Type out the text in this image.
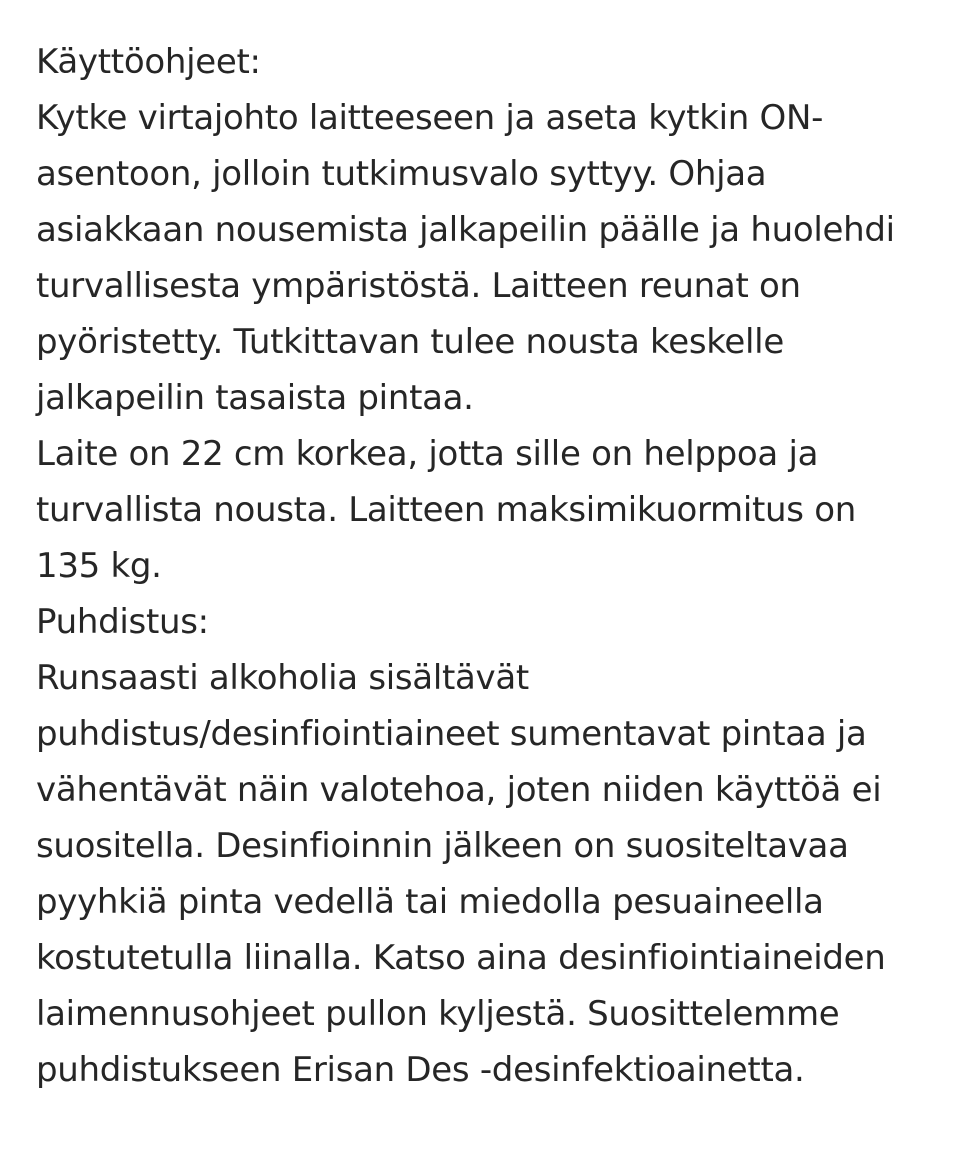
Käyttöohjeet:
Kytke virtajohto laitteeseen ja aseta kytkin ON-
asentoon, jolloin tutkimusvalo syttyy. Ohjaa
asiakkaan nousemista jalkapeilin päälle ja huolehdi
turvallisesta ympäristöstä. Laitteen reunat on
pyöristetty. Tutkittavan tulee nousta keskelle
jalkapeilin tasaista pintaa.
Laite on 22 cm korkea, jotta sille on helppoa ja
turvallista nousta. Laitteen maksimikuormitus on
135 kg.
Puhdistus:
Runsaasti alkoholia sisältävät
puhdistus/desinfiointiaineet sumentavat pintaa ja
vähentävät näin valotehoa, joten niiden käyttöä ei
suositella. Desinfioinnin jälkeen on suositeltavaa
pyyhkiä pinta vedellä tai miedolla pesuaineella
kostutetulla liinalla. Katso aina desinfiointiaineiden
laimennusohjeet pullon kyljestä. Suosittelemme
puhdistukseen Erisan Des -desinfektioainetta.
